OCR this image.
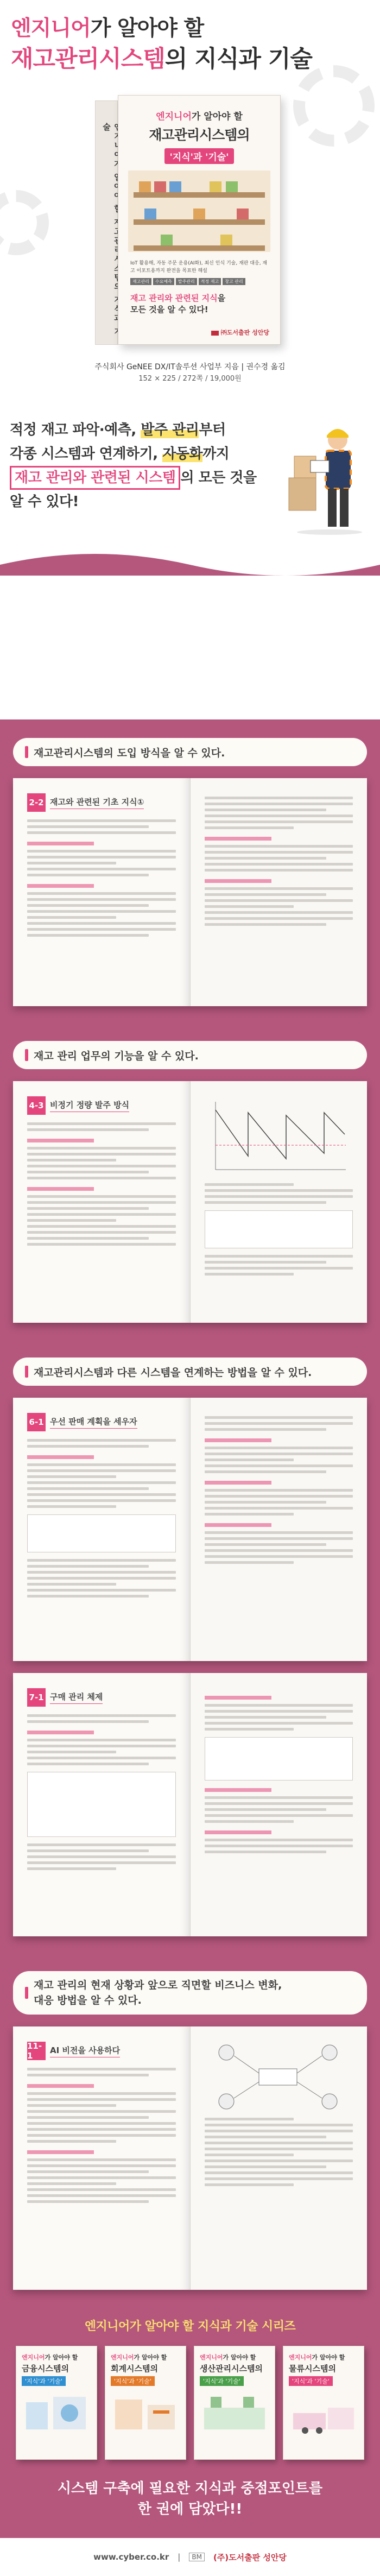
엔지니어가 알아야 할
재고관리시스템의 지식과 기술
술
엔지니어가 알아야 할
재고관리시스템의
'지식'과 '기술'
IoT 활용해, 자동 주문 운용(AI화), 최신 인식 기술, 재판 대응, 재고 이포트용까지 완전을 목표한 해설
재고관리	수요예측	발주관리	적정 재고	창고 관리
재고 관리와 관련된 지식을
모든 것을 알 수 있다!
㈜도서출판 성안당
주식회사 GeNEE DX/IT솔루션 사업부 지음 | 권수경 옮김
152 × 225 / 272쪽 / 19,000원
적정 재고 파악·예측, 발주 관리부터
각종 시스템과 연계하기, 자동화까지
재고 관리와 관련된 시스템 의 모든 것을
알 수 있다!
재고관리시스템의 도입 방식을 알 수 있다.
2-2 재고와 관련된 기초 지식①
재고 관리 업무의 기능을 알 수 있다.
4-3 비정기 정량 발주 방식
재고관리시스템과 다른 시스템을 연계하는 방법을 알 수 있다.
6-1 우선 판매 계획을 세우자
7-1 구매 관리 체제
재고 관리의 현재 상황과 앞으로 직면할 비즈니스 변화,
대응 방법을 알 수 있다.
11-1
AI 비전을 사용하다
엔지니어가 알아야 할 지식과 기술 시리즈
엔지니어가 알아야 할
금융시스템의
'지식'과 '기술'
엔지니어가 알아야 할
회계시스템의
'지식'과 '기술'
엔지니어가 알아야 할
생산관리시스템의
'지식'과 '기술'
엔지니어가 알아야 할
물류시스템의
'지식'과 '기술'
시스템 구축에 필요한 지식과 중점포인트를
한 권에 담았다!!
www.cyber.co.kr |	BM	(주)도서출판 성안당
